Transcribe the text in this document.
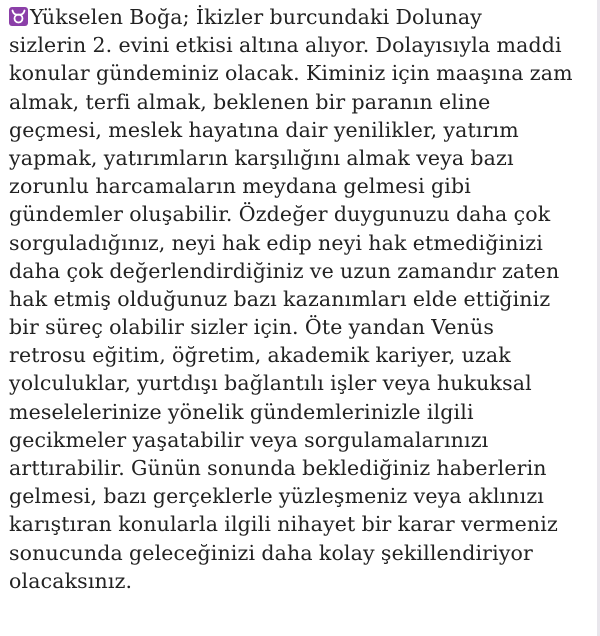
Yükselen Boğa; İkizler burcundaki Dolunay
sizlerin 2. evini etkisi altına alıyor. Dolayısıyla maddi
konular gündeminiz olacak. Kiminiz için maaşına zam
almak, terfi almak, beklenen bir paranın eline
geçmesi, meslek hayatına dair yenilikler, yatırım
yapmak, yatırımların karşılığını almak veya bazı
zorunlu harcamaların meydana gelmesi gibi
gündemler oluşabilir. Özdeğer duygunuzu daha çok
sorguladığınız, neyi hak edip neyi hak etmediğinizi
daha çok değerlendirdiğiniz ve uzun zamandır zaten
hak etmiş olduğunuz bazı kazanımları elde ettiğiniz
bir süreç olabilir sizler için. Öte yandan Venüs
retrosu eğitim, öğretim, akademik kariyer, uzak
yolculuklar, yurtdışı bağlantılı işler veya hukuksal
meselelerinize yönelik gündemlerinizle ilgili
gecikmeler yaşatabilir veya sorgulamalarınızı
arttırabilir. Günün sonunda beklediğiniz haberlerin
gelmesi, bazı gerçeklerle yüzleşmeniz veya aklınızı
karıştıran konularla ilgili nihayet bir karar vermeniz
sonucunda geleceğinizi daha kolay şekillendiriyor
olacaksınız.
